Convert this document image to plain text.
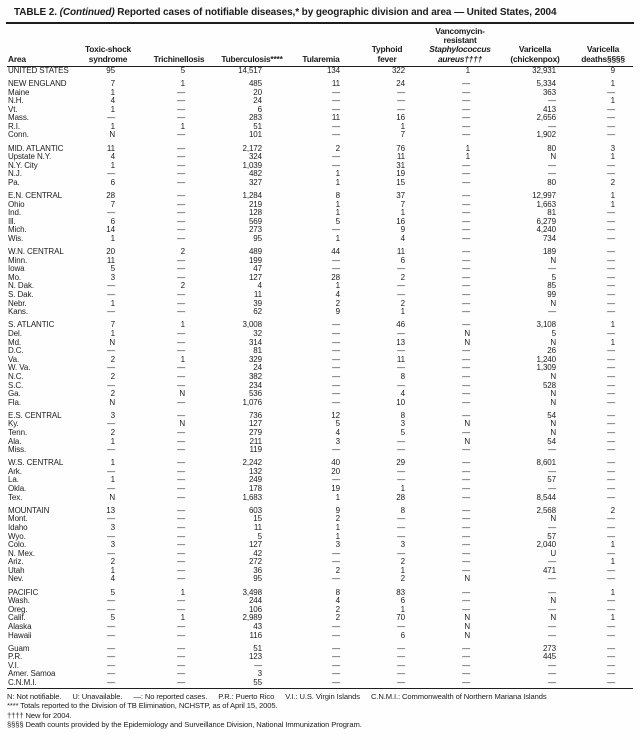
TABLE 2. (Continued) Reported cases of notifiable diseases,* by geographic division and area — United States, 2004
Area

Toxic-shock
syndrome	Trichinellosis	Tuberculosis****	Tularemia

Typhoid
fever

Vancomycin-
resistant
Staphylococcus
aureus††††

Varicella
(chickenpox)

Varicella
deaths§§§§

UNITED STATES	95	5	14,517	134	322	1	32,931	9

NEW ENGLAND	7	1	485	11	24	—	5,334	1
Maine	1	—	20	—	—	—	363	—
N.H.	4	—	24	—	—	—	—	1
Vt.	1	—	6	—	—	—	413	—
Mass.	—	—	283	11	16	—	2,656	—
R.I.	1	1	51	—	1	—	—	—
Conn.	N	—	101	—	7	—	1,902	—

MID. ATLANTIC	11	—	2,172	2	76	1	80	3
Upstate N.Y.	4	—	324	—	11	1	N	1
N.Y. City	1	—	1,039	—	31	—	—	—
N.J.	—	—	482	1	19	—	—	—
Pa.	6	—	327	1	15	—	80	2

E.N. CENTRAL	28	—	1,284	8	37	—	12,997	1
Ohio	7	—	219	1	7	—	1,663	1
Ind.	—	—	128	1	1	—	81	—
Ill.	6	—	569	5	16	—	6,279	—
Mich.	14	—	273	—	9	—	4,240	—
Wis.	1	—	95	1	4	—	734	—

W.N. CENTRAL	20	2	489	44	11	—	189	—
Minn.	11	—	199	—	6	—	N	—
Iowa	5	—	47	—	—	—	—	—
Mo.	3	—	127	28	2	—	5	—
N. Dak.	—	2	4	1	—	—	85	—
S. Dak.	—	—	11	4	—	—	99	—
Nebr.	1	—	39	2	2	—	N	—
Kans.	—	—	62	9	1	—	—	—

S. ATLANTIC	7	1	3,008	—	46	—	3,108	1
Del.	1	—	32	—	—	N	5	—
Md.	N	—	314	—	13	N	N	1
D.C.	—	—	81	—	—	—	26	—
Va.	2	1	329	—	11	—	1,240	—
W. Va.	—	—	24	—	—	—	1,309	—
N.C.	2	—	382	—	8	—	N	—
S.C.	—	—	234	—	—	—	528	—
Ga.	2	N	536	—	4	—	N	—
Fla.	N	—	1,076	—	10	—	N	—

E.S. CENTRAL	3	—	736	12	8	—	54	—
Ky.	—	N	127	5	3	N	N	—
Tenn.	2	—	279	4	5	—	N	—
Ala.	1	—	211	3	—	N	54	—
Miss.	—	—	119	—	—	—	—	—

W.S. CENTRAL	1	—	2,242	40	29	—	8,601	—
Ark.	—	—	132	20	—	—	—	—
La.	1	—	249	—	—	—	57	—
Okla.	—	—	178	19	1	—	—	—
Tex.	N	—	1,683	1	28	—	8,544	—

MOUNTAIN	13	—	603	9	8	—	2,568	2
Mont.	—	—	15	2	—	—	N	—
Idaho	3	—	11	1	—	—	—	—
Wyo.	—	—	5	1	—	—	57	—
Colo.	3	—	127	3	3	—	2,040	1
N. Mex.	—	—	42	—	—	—	U	—
Ariz.	2	—	272	—	2	—	—	1
Utah	1	—	36	2	1	—	471	—
Nev.	4	—	95	—	2	N	—	—

PACIFIC	5	1	3,498	8	83	—	—	1
Wash.	—	—	244	4	6	—	N	—
Oreg.	—	—	106	2	1	—	—	—
Calif.	5	1	2,989	2	70	N	N	1
Alaska	—	—	43	—	—	N	—	—
Hawaii	—	—	116	—	6	N	—	—

Guam	—	—	51	—	—	—	273	—
P.R.	—	—	123	—	—	—	445	—
V.I.	—	—	—	—	—	—	—	—
Amer. Samoa	—	—	3	—	—	—	—	—
C.N.M.I.	—	—	55	—	—	—	—	—
N: Not notifiable. U: Unavailable. —: No reported cases. P.R.: Puerto Rico V.I.: U.S. Virgin Islands C.N.M.I.: Commonwealth of Northern Mariana Islands
**** Totals reported to the Division of TB Elimination, NCHSTP, as of April 15, 2005.
†††† New for 2004.
§§§§ Death counts provided by the Epidemiology and Surveillance Division, National Immunization Program.
